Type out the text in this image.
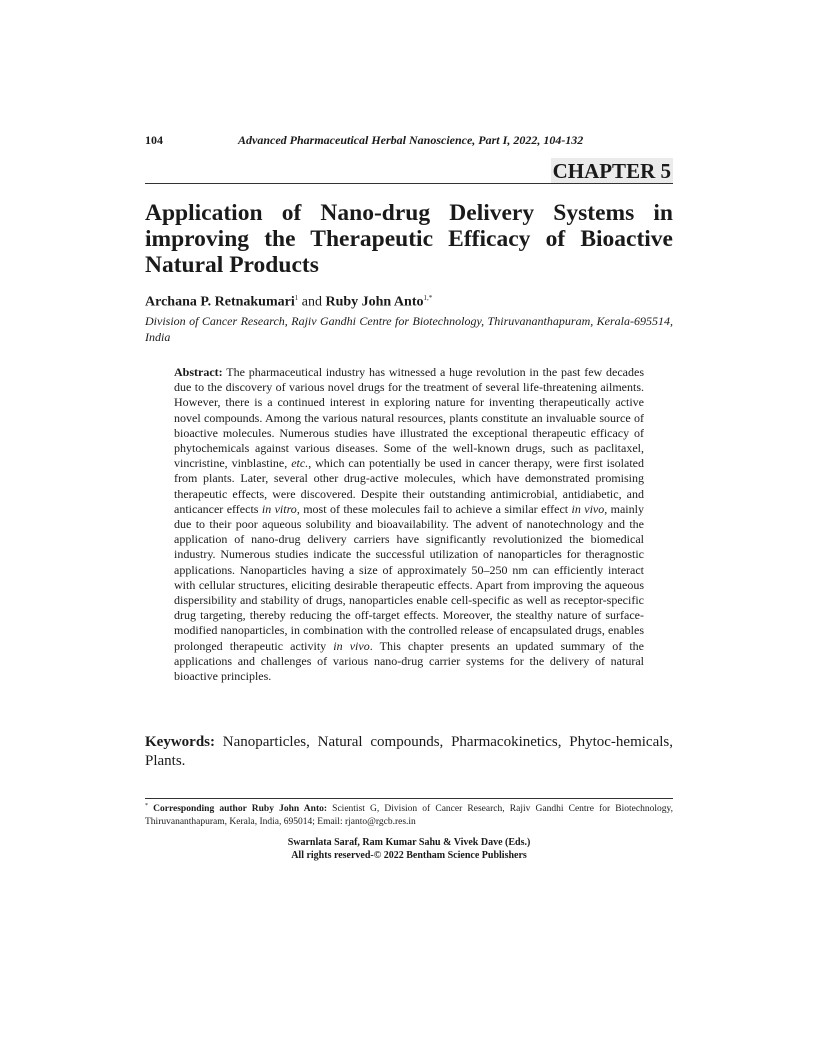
104	Advanced Pharmaceutical Herbal Nanoscience, Part I, 2022, 104-132
CHAPTER 5
Application of Nano-drug Delivery Systems in improving the Therapeutic Efficacy of Bioactive Natural Products
Archana P. Retnakumari$^1$ and Ruby John Anto$^{1,*}$
Division of Cancer Research, Rajiv Gandhi Centre for Biotechnology, Thiruvananthapuram, Kerala-695514, India

Abstract: The pharmaceutical industry has witnessed a huge revolution in the past few decades due to the discovery of various novel drugs for the treatment of several life-threatening ailments. However, there is a continued interest in exploring nature for inventing therapeutically active novel compounds. Among the various natural resources, plants constitute an invaluable source of bioactive molecules. Numerous studies have illustrated the exceptional therapeutic efficacy of phytochemicals against various diseases. Some of the well-known drugs, such as paclitaxel, vincristine, vinblastine, etc., which can potentially be used in cancer therapy, were first isolated from plants. Later, several other drug-active molecules, which have demonstrated promising therapeutic effects, were discovered. Despite their outstanding antimicrobial, antidiabetic, and anticancer effects in vitro, most of these molecules fail to achieve a similar effect in vivo, mainly due to their poor aqueous solubility and bioavailability. The advent of nanotechnology and the application of nano-drug delivery carriers have significantly revolutionized the biomedical industry. Numerous studies indicate the successful utilization of nanoparticles for theragnostic applications. Nanoparticles having a size of approximately 50–250 nm can efficiently interact with cellular structures, eliciting desirable therapeutic effects. Apart from improving the aqueous dispersibility and stability of drugs, nanoparticles enable cell-specific as well as receptor-specific drug targeting, thereby reducing the off-target effects. Moreover, the stealthy nature of surface-modified nanoparticles, in combination with the controlled release of encapsulated drugs, enables prolonged therapeutic activity in vivo. This chapter presents an updated summary of the applications and challenges of various nano-drug carrier systems for the delivery of natural bioactive principles.

Keywords: Nanoparticles, Natural compounds, Pharmacokinetics, Phytoc-hemicals, Plants.
* Corresponding author Ruby John Anto: Scientist G, Division of Cancer Research, Rajiv Gandhi Centre for Biotechnology, Thiruvananthapuram, Kerala, India, 695014; Email: rjanto@rgcb.res.in
Swarnlata Saraf, Ram Kumar Sahu & Vivek Dave (Eds.)
All rights reserved-© 2022 Bentham Science Publishers
